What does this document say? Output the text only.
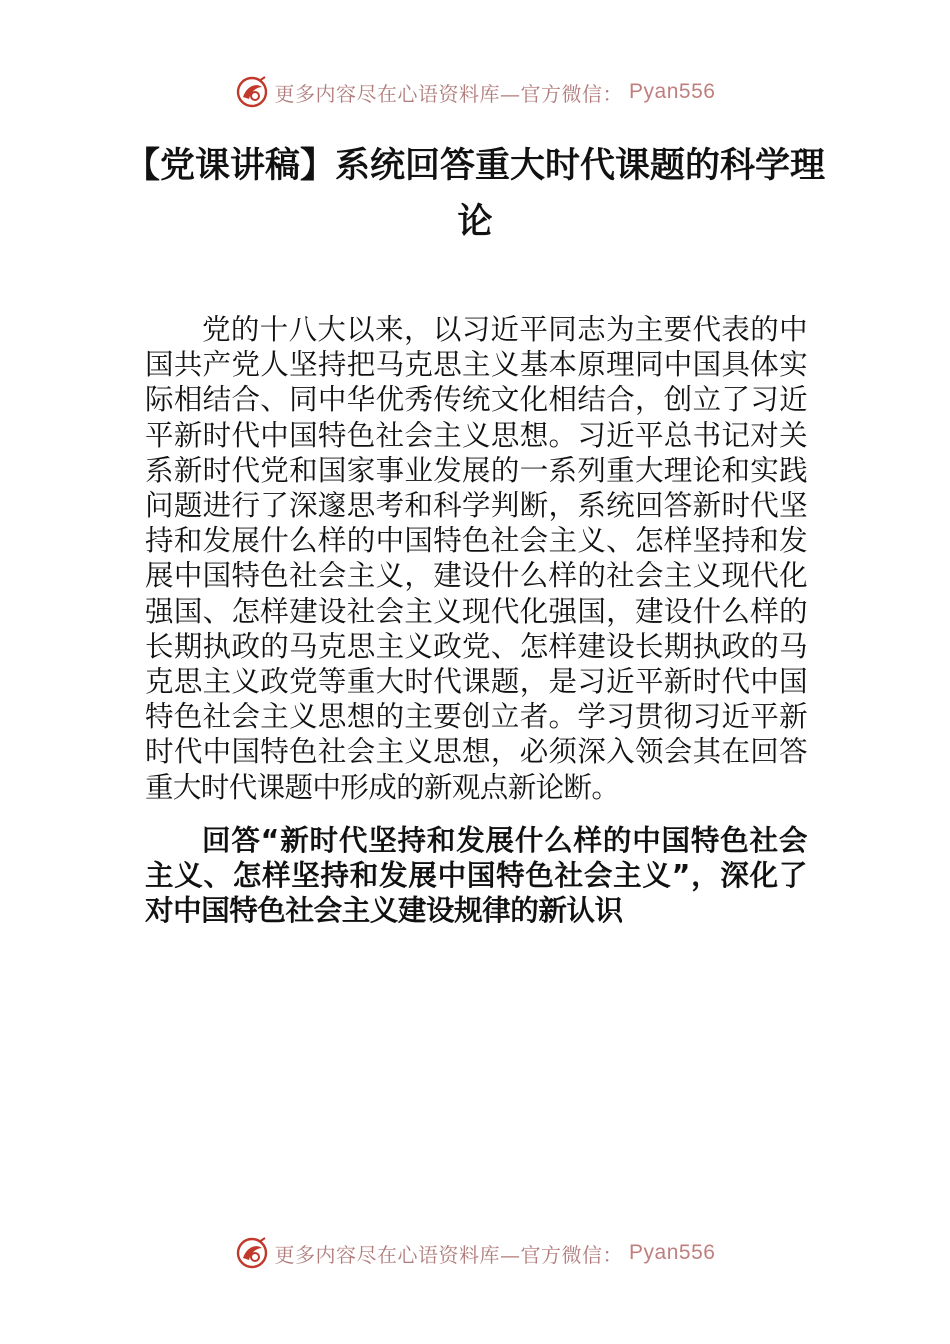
更多内容尽在心语资料库—官方微信： Pyan556
【党课讲稿】系统回答重大时代课题的科学理论

党的十八大以来，以习近平同志为主要代表的中国共产党人坚持把马克思主义基本原理同中国具体实际相结合、同中华优秀传统文化相结合，创立了习近平新时代中国特色社会主义思想。习近平总书记对关系新时代党和国家事业发展的一系列重大理论和实践问题进行了深邃思考和科学判断，系统回答新时代坚持和发展什么样的中国特色社会主义、怎样坚持和发展中国特色社会主义，建设什么样的社会主义现代化强国、怎样建设社会主义现代化强国，建设什么样的长期执政的马克思主义政党、怎样建设长期执政的马克思主义政党等重大时代课题，是习近平新时代中国特色社会主义思想的主要创立者。学习贯彻习近平新时代中国特色社会主义思想，必须深入领会其在回答重大时代课题中形成的新观点新论断。

回答“新时代坚持和发展什么样的中国特色社会主义、怎样坚持和发展中国特色社会主义”，深化了对中国特色社会主义建设规律的新认识

更多内容尽在心语资料库—官方微信： Pyan556
